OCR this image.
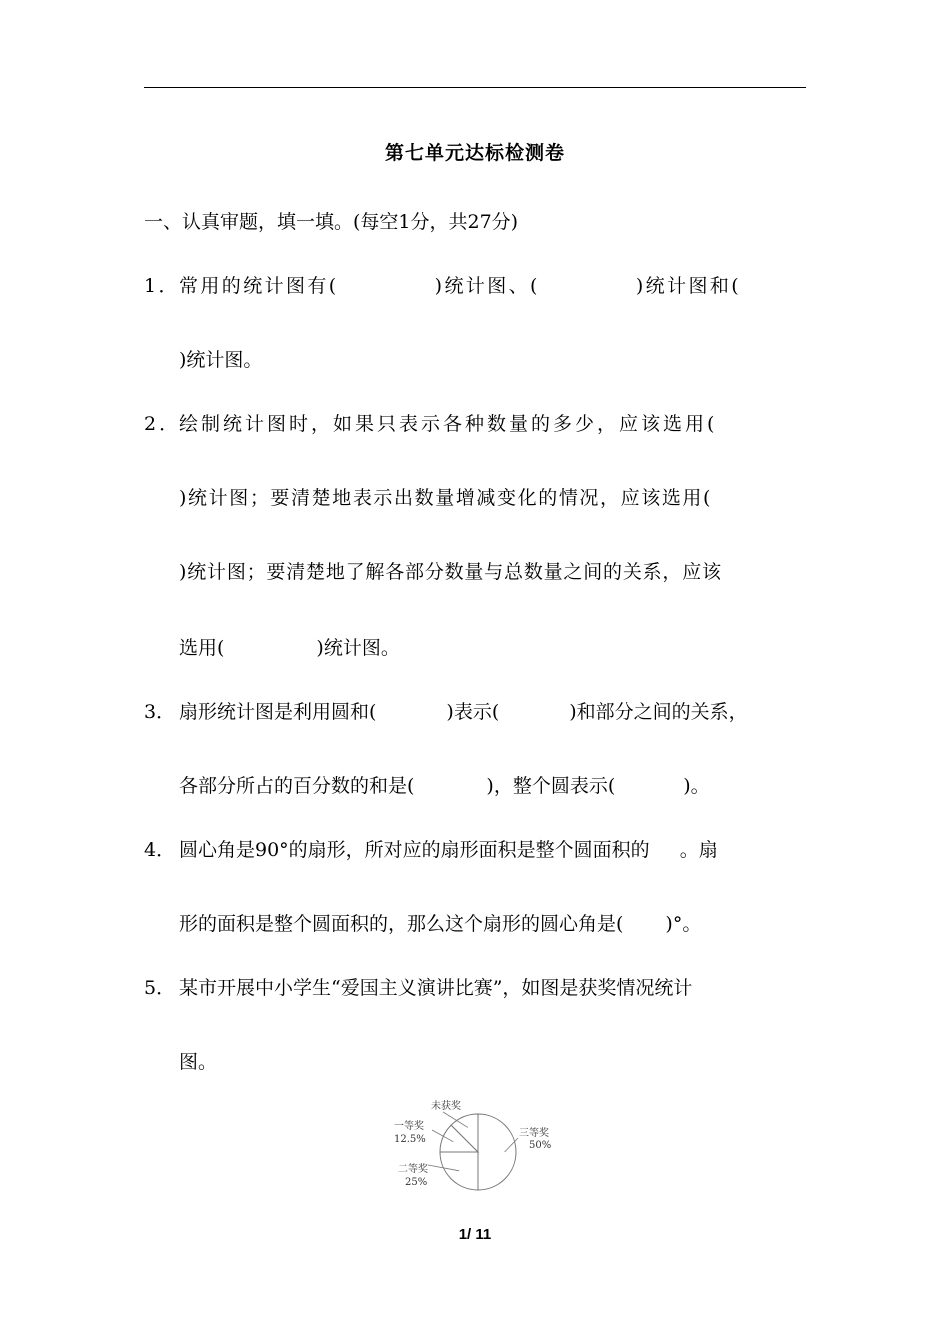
第七单元达标检测卷
一、认真审题，填一填。(每空1分，共27分)
1．常用的统计图有(	)统计图、(	)统计图和(
)统计图。
2．绘制统计图时，如果只表示各种数量的多少，应该选用(
)统计图；要清楚地表示出数量增减变化的情况，应该选用(
)统计图；要清楚地了解各部分数量与总数量之间的关系，应该
选用(	)统计图。
3． 扇形统计图是利用圆和(	)表示(	)和部分之间的关系，
各部分所占的百分数的和是(	)，整个圆表示(	)。
4． 圆心角是90°的扇形，所对应的扇形面积是整个圆面积的 。扇
形的面积是整个圆面积的，那么这个扇形的圆心角是( )°。
5． 某市开展中小学生“爱国主义演讲比赛”，如图是获奖情况统计
图。
未获奖
一等奖
12.5%
三等奖
50%
二等奖
25%
1/ 11
